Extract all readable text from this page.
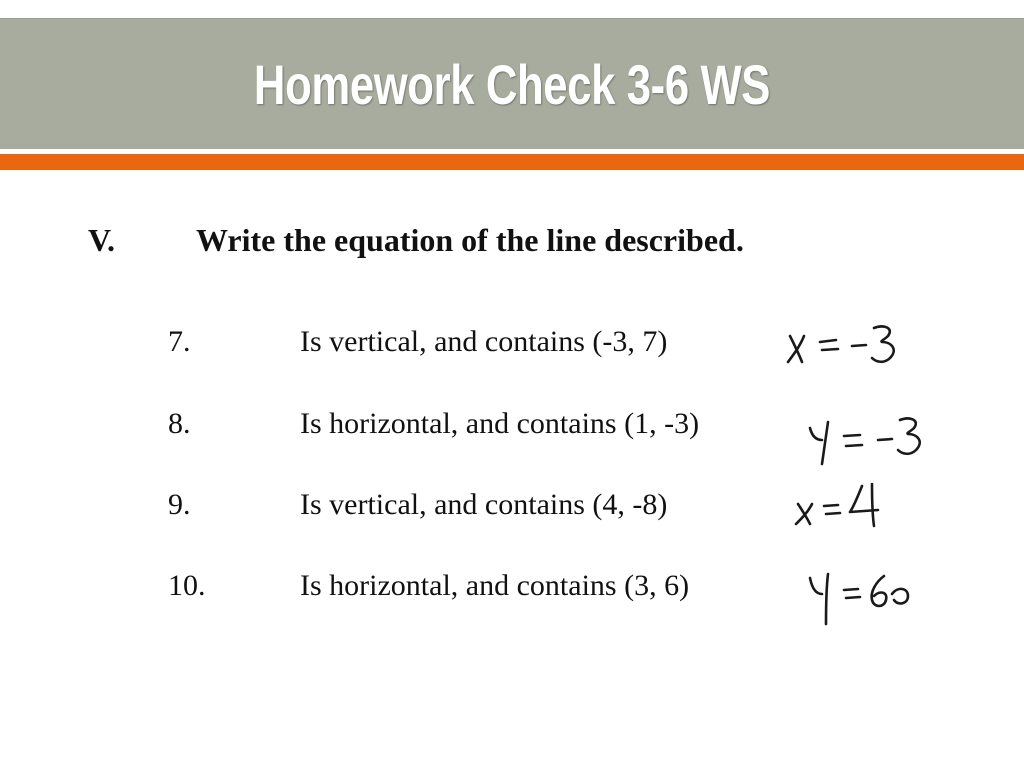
Homework Check 3-6 WS
V.	Write the equation of the line described.
7.	Is vertical, and contains (-3, 7)
8.	Is horizontal, and contains (1, -3)
9.	Is vertical, and contains (4, -8)
10.	Is horizontal, and contains (3, 6)
